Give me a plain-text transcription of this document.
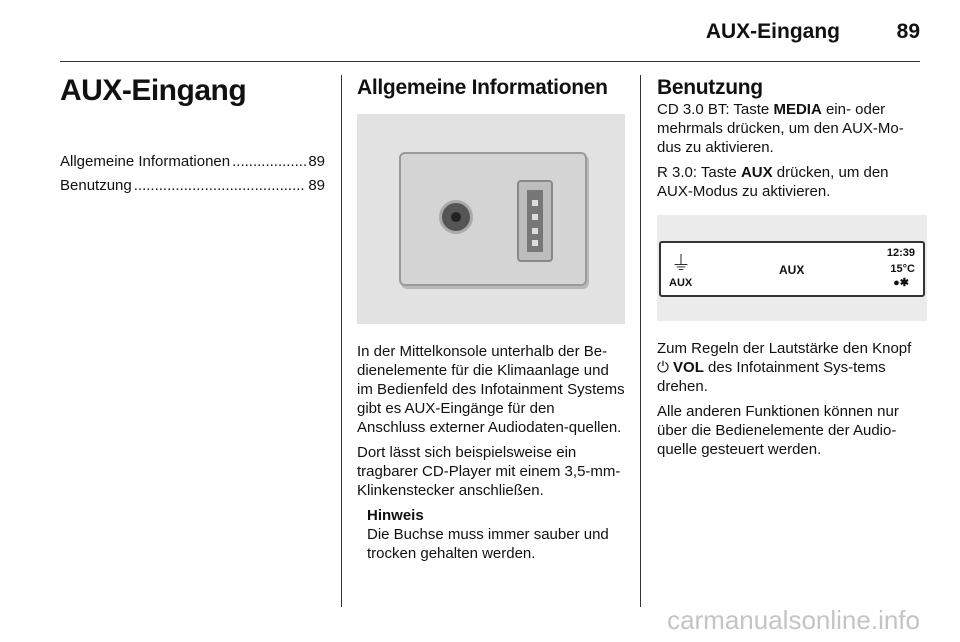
AUX-Eingang	89
AUX-Eingang
Allgemeine Informationen .....	89
Benutzung .....	89
Allgemeine Informationen

In der Mittelkonsole unterhalb der Be-dienelemente für die Klimaanlage und im Bedienfeld des Infotainment Systems gibt es AUX-Eingänge für den Anschluss externer Audiodaten-quellen.

Dort lässt sich beispielsweise ein tragbarer CD-Player mit einem 3,5-mm-Klinkenstecker anschließen.

Hinweis

Die Buchse muss immer sauber und trocken gehalten werden.

Benutzung

CD 3.0 BT: Taste MEDIA ein- oder mehrmals drücken, um den AUX-Mo-dus zu aktivieren.

R 3.0: Taste AUX drücken, um den AUX-Modus zu aktivieren.

⏚
AUX
AUX
12:39
15°C
●✱

Zum Regeln der Lautstärke den Knopf ⏻ VOL des Infotainment Sys-tems drehen.

Alle anderen Funktionen können nur über die Bedienelemente der Audio-quelle gesteuert werden.

carmanualsonline.info
